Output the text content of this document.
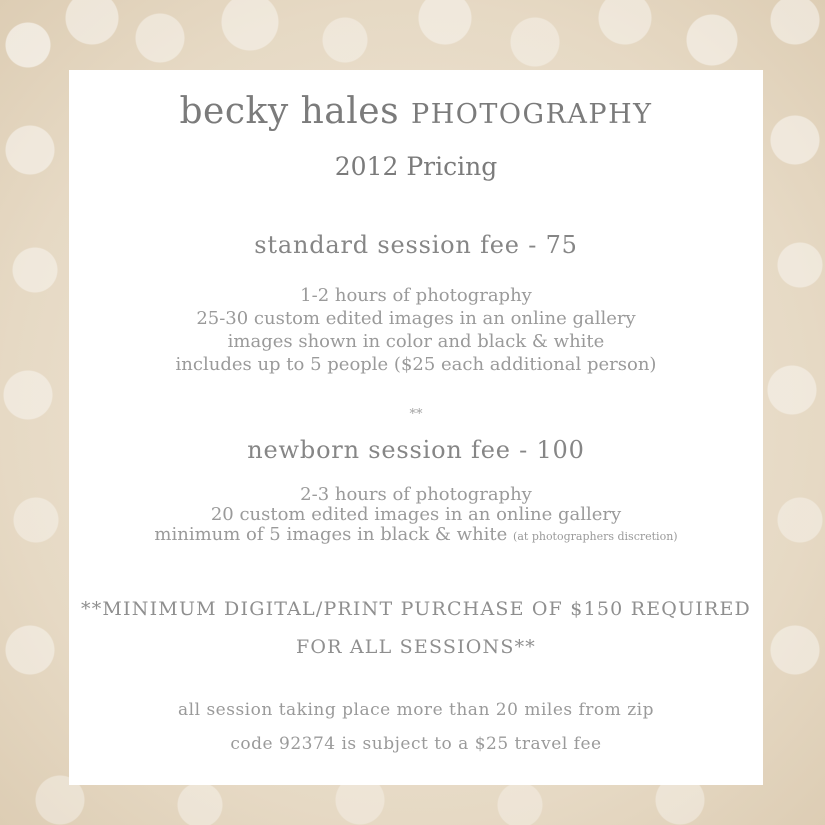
becky hales PHOTOGRAPHY
2012 Pricing
standard session fee - 75
1-2 hours of photography
25-30 custom edited images in an online gallery
images shown in color and black & white
includes up to 5 people ($25 each additional person)
**
newborn session fee - 100
2-3 hours of photography
20 custom edited images in an online gallery
minimum of 5 images in black & white (at photographers discretion)
**MINIMUM DIGITAL/PRINT PURCHASE OF $150 REQUIRED
FOR ALL SESSIONS**
all session taking place more than 20 miles from zip
code 92374 is subject to a $25 travel fee
